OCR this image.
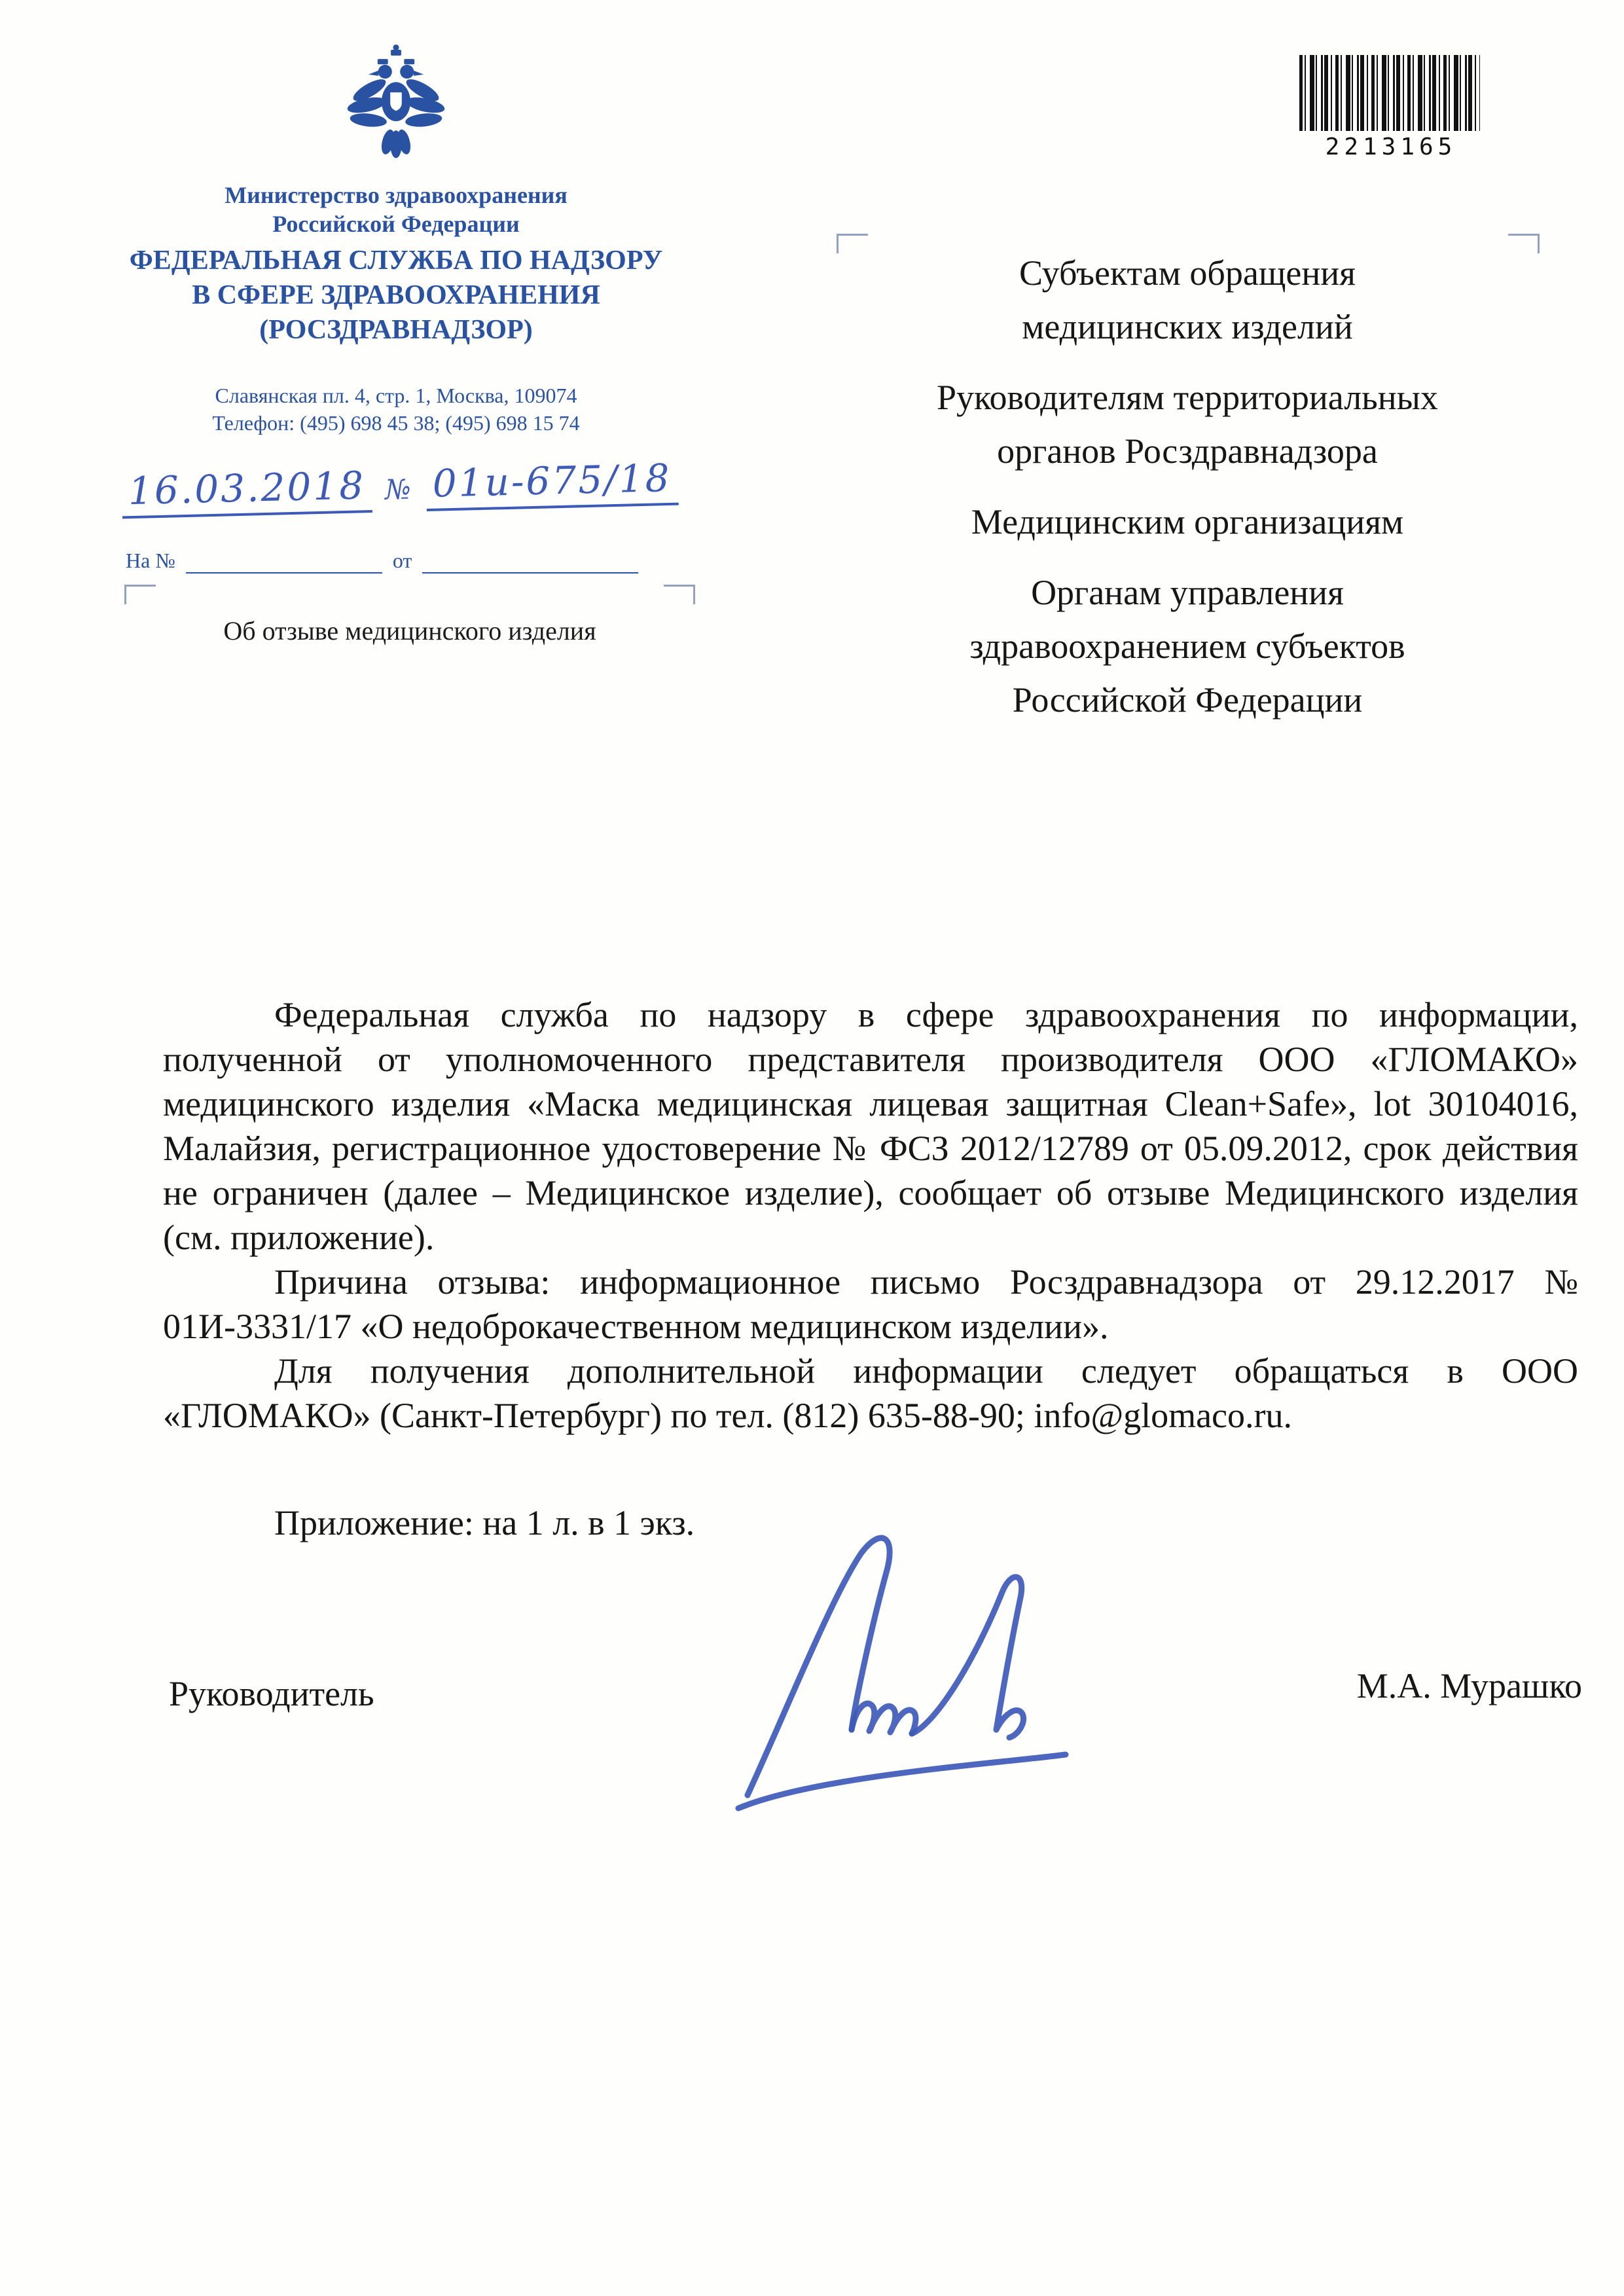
Министерство здравоохранения
Российской Федерации
ФЕДЕРАЛЬНАЯ СЛУЖБА ПО НАДЗОРУ
В СФЕРЕ ЗДРАВООХРАНЕНИЯ
(РОСЗДРАВНАДЗОР)
Славянская пл. 4, стр. 1, Москва, 109074
Телефон: (495) 698 45 38; (495) 698 15 74
16.03.2018 № 01и-675/18
На №	от
Об отзыве медицинского изделия
2213165
Субъектам обращения медицинских изделий
Руководителям территориальных органов Росздравнадзора
Медицинским организациям
Органам управления здравоохранением субъектов Российской Федерации
Федеральная служба по надзору в сфере здравоохранения по информации, полученной от уполномоченного представителя производителя ООО «ГЛОМАКО» медицинского изделия «Маска медицинская лицевая защитная Clean+Safe», lot 30104016, Малайзия, регистрационное удостоверение № ФСЗ 2012/12789 от 05.09.2012, срок действия не ограничен (далее – Медицинское изделие), сообщает об отзыве Медицинского изделия (см. приложение).
Причина отзыва: информационное письмо Росздравнадзора от 29.12.2017 № 01И-3331/17 «О недоброкачественном медицинском изделии».
Для получения дополнительной информации следует обращаться в ООО «ГЛОМАКО» (Санкт-Петербург) по тел. (812) 635-88-90; info@glomaco.ru.
Приложение: на 1 л. в 1 экз.
Руководитель	М.А. Мурашко
